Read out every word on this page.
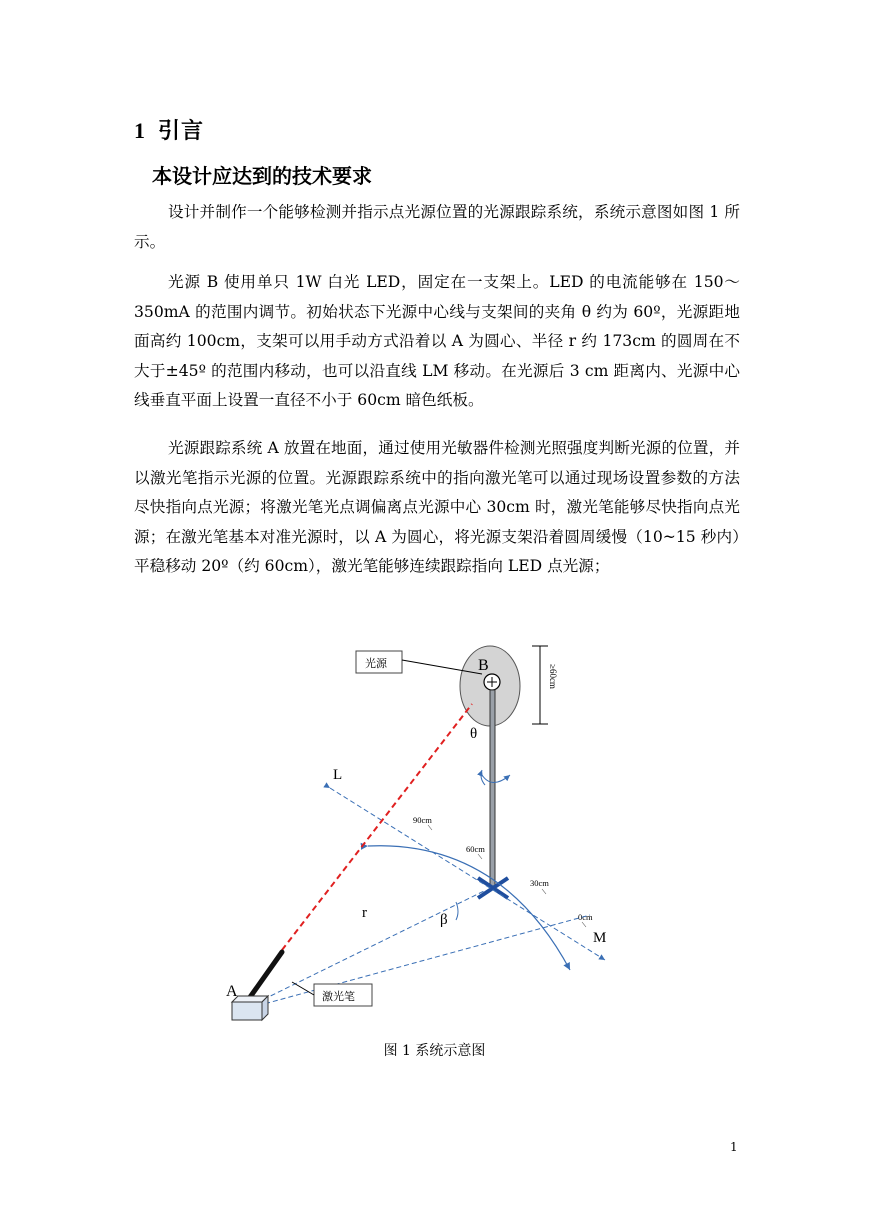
1 引言
本设计应达到的技术要求

设计并制作一个能够检测并指示点光源位置的光源跟踪系统，系统示意图如图 1 所示。

光源 B 使用单只 1W 白光 LED，固定在一支架上。LED 的电流能够在 150～350mA 的范围内调节。初始状态下光源中心线与支架间的夹角 θ 约为 60º，光源距地面高约 100cm，支架可以用手动方式沿着以 A 为圆心、半径 r 约 173cm 的圆周在不大于±45º 的范围内移动，也可以沿直线 LM 移动。在光源后 3 cm 距离内、光源中心线垂直平面上设置一直径不小于 60cm 暗色纸板。

光源跟踪系统 A 放置在地面，通过使用光敏器件检测光照强度判断光源的位置，并以激光笔指示光源的位置。光源跟踪系统中的指向激光笔可以通过现场设置参数的方法尽快指向点光源；将激光笔光点调偏离点光源中心 30cm 时，激光笔能够尽快指向点光源；在激光笔基本对准光源时，以 A 为圆心，将光源支架沿着圆周缓慢（10~15 秒内）平稳移动 20º（约 60cm），激光笔能够连续跟踪指向 LED 点光源；

≥60cm
光源	B
θ
L
M
90cm
60cm
30cm
0cm
r	β
激光笔
A
图 1 系统示意图
1
